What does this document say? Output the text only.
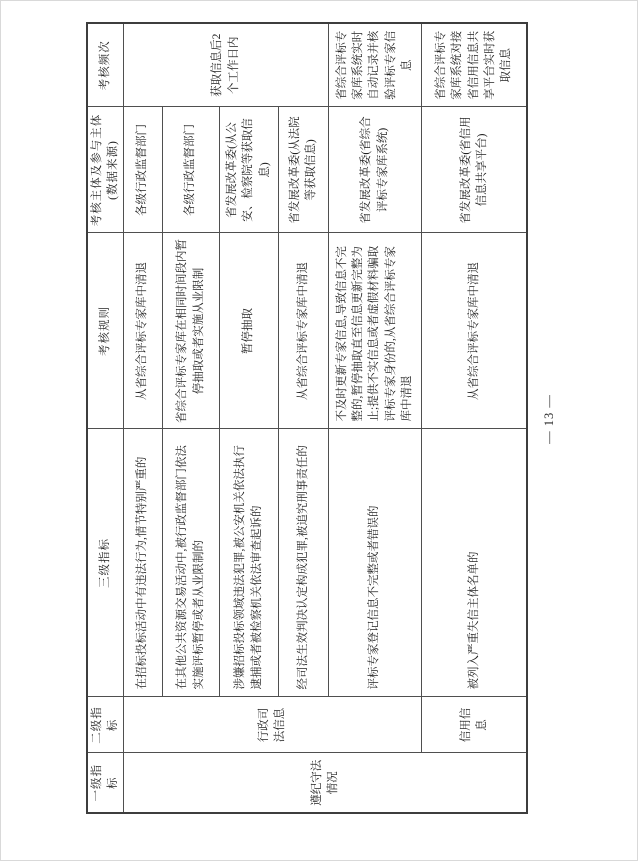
一级指标	二级指标	三级指标	考核规则	考核主体及参与主体(数据来源)	考核频次
遵纪守法情况	行政司法信息	在招标投标活动中有违法行为,情节特别严重的	从省综合评标专家库中清退	各级行政监督部门	获取信息后2个工作日内
		在其他公共资源交易活动中,被行政监督部门依法实施评标暂停或者从业限制的	省综合评标专家库在相同时间段内暂停抽取或者实施从业限制	各级行政监督部门	
		涉嫌招标投标领域违法犯罪,被公安机关依法执行逮捕或者被检察机关依法审查起诉的	暂停抽取	省发展改革委(从公安、检察院等获取信息)	
		经司法生效判决认定构成犯罪,被追究刑事责任的	从省综合评标专家库中清退	省发展改革委(从法院等获取信息)	
		评标专家登记信息不完整或者错误的	不及时更新专家信息,导致信息不完整的,暂停抽取直至信息更新完整为止;提供不实信息或者虚假材料骗取评标专家身份的,从省综合评标专家库中清退	省发展改革委(省综合评标专家库系统)	省综合评标专家库系统实时自动记录并核验评标专家信息
	信用信息	被列入严重失信主体名单的	从省综合评标专家库中清退	省发展改革委(省信用信息共享平台)	省综合评标专家库系统对接省信用信息共享平台实时获取信息
— 13 —
